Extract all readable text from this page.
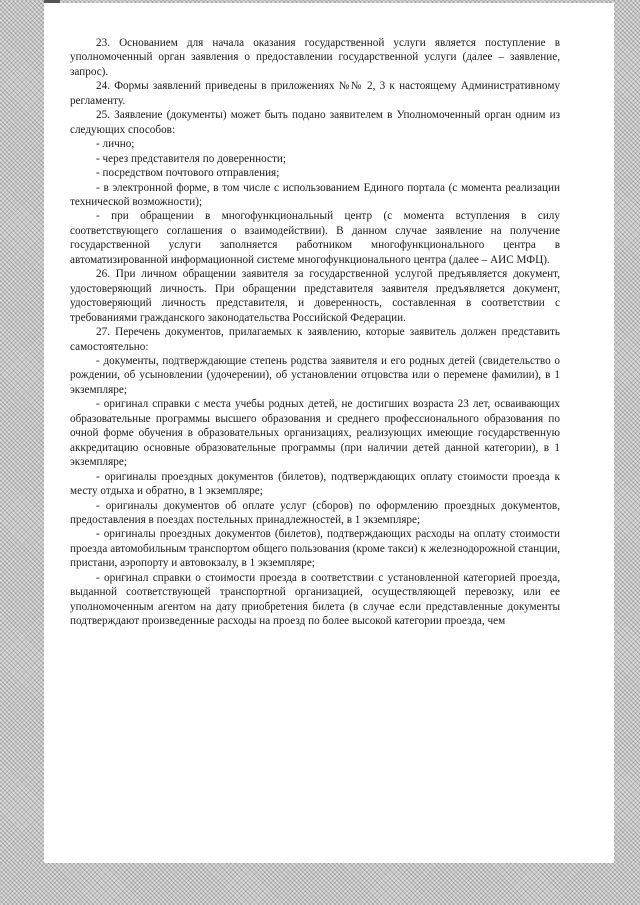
23. Основанием для начала оказания государственной услуги является поступление в уполномоченный орган заявления о предоставлении государственной услуги (далее – заявление, запрос).

24. Формы заявлений приведены в приложениях №№ 2, 3 к настоящему Административному регламенту.

25. Заявление (документы) может быть подано заявителем в Уполномоченный орган одним из следующих способов:

- лично;

- через представителя по доверенности;

- посредством почтового отправления;

- в электронной форме, в том числе с использованием Единого портала (с момента реализации технической возможности);

- при обращении в многофункциональный центр (с момента вступления в силу соответствующего соглашения о взаимодействии). В данном случае заявление на получение государственной услуги заполняется работником многофункционального центра в автоматизированной информационной системе многофункционального центра (далее – АИС МФЦ).

26. При личном обращении заявителя за государственной услугой предъявляется документ, удостоверяющий личность. При обращении представителя заявителя предъявляется документ, удостоверяющий личность представителя, и доверенность, составленная в соответствии с требованиями гражданского законодательства Российской Федерации.

27. Перечень документов, прилагаемых к заявлению, которые заявитель должен представить самостоятельно:

- документы, подтверждающие степень родства заявителя и его родных детей (свидетельство о рождении, об усыновлении (удочерении), об установлении отцовства или о перемене фамилии), в 1 экземпляре;

- оригинал справки с места учебы родных детей, не достигших возраста 23 лет, осваивающих образовательные программы высшего образования и среднего профессионального образования по очной форме обучения в образовательных организациях, реализующих имеющие государственную аккредитацию основные образовательные программы (при наличии детей данной категории), в 1 экземпляре;

- оригиналы проездных документов (билетов), подтверждающих оплату стоимости проезда к месту отдыха и обратно, в 1 экземпляре;

- оригиналы документов об оплате услуг (сборов) по оформлению проездных документов, предоставления в поездах постельных принадлежностей, в 1 экземпляре;

- оригиналы проездных документов (билетов), подтверждающих расходы на оплату стоимости проезда автомобильным транспортом общего пользования (кроме такси) к железнодорожной станции, пристани, аэропорту и автовокзалу, в 1 экземпляре;

- оригинал справки о стоимости проезда в соответствии с установленной категорией проезда, выданной соответствующей транспортной организацией, осуществляющей перевозку, или ее уполномоченным агентом на дату приобретения билета (в случае если представленные документы подтверждают произведенные расходы на проезд по более высокой категории проезда, чем
